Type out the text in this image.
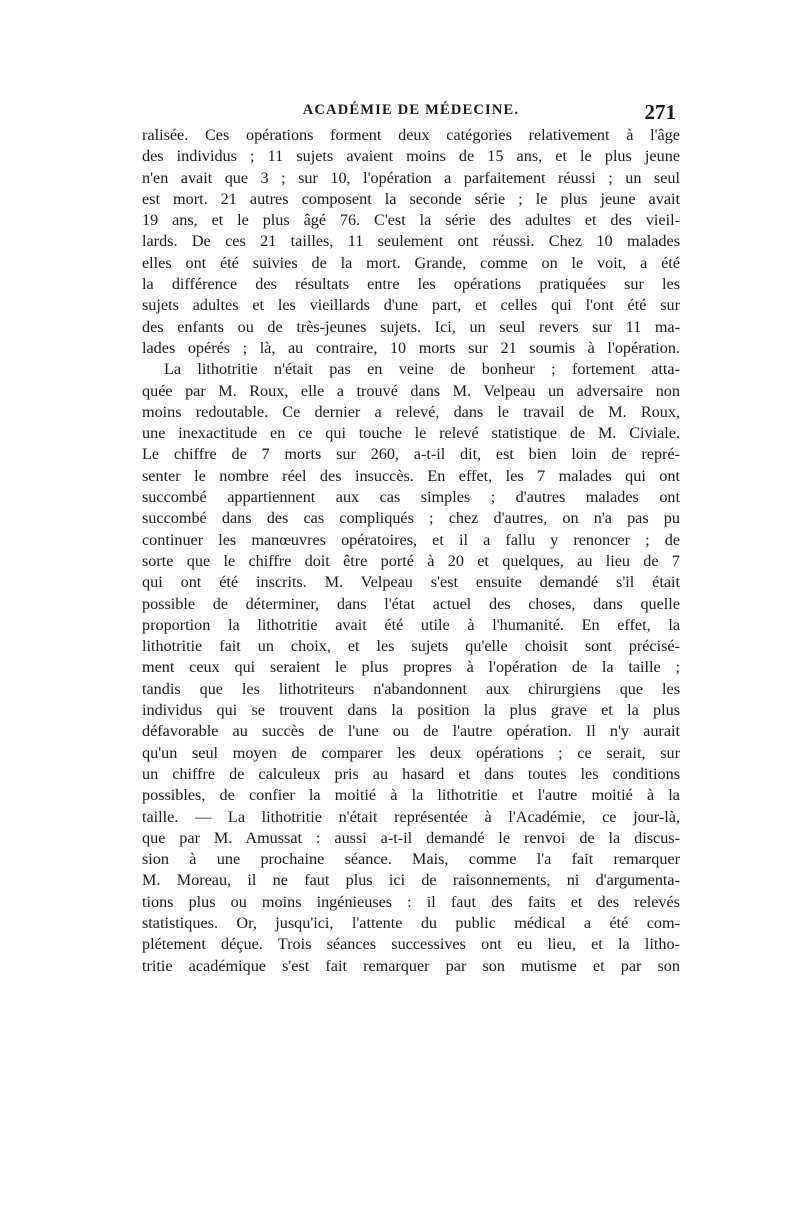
ACADÉMIE DE MÉDECINE.	271
ralisée. Ces opérations forment deux catégories relativement à l'âge
des individus ; 11 sujets avaient moins de 15 ans, et le plus jeune
n'en avait que 3 ; sur 10, l'opération a parfaitement réussi ; un seul
est mort. 21 autres composent la seconde série ; le plus jeune avait
19 ans, et le plus âgé 76. C'est la série des adultes et des vieil-
lards. De ces 21 tailles, 11 seulement ont réussi. Chez 10 malades
elles ont été suivies de la mort. Grande, comme on le voit, a été
la différence des résultats entre les opérations pratiquées sur les
sujets adultes et les vieillards d'une part, et celles qui l'ont été sur
des enfants ou de très-jeunes sujets. Ici, un seul revers sur 11 ma-
lades opérés ; là, au contraire, 10 morts sur 21 soumis à l'opération.
La lithotritie n'était pas en veine de bonheur ; fortement atta-
quée par M. Roux, elle a trouvé dans M. Velpeau un adversaire non
moins redoutable. Ce dernier a relevé, dans le travail de M. Roux,
une inexactitude en ce qui touche le relevé statistique de M. Civiale.
Le chiffre de 7 morts sur 260, a-t-il dit, est bien loin de repré-
senter le nombre réel des insuccès. En effet, les 7 malades qui ont
succombé appartiennent aux cas simples ; d'autres malades ont
succombé dans des cas compliqués ; chez d'autres, on n'a pas pu
continuer les manœuvres opératoires, et il a fallu y renoncer ; de
sorte que le chiffre doit être porté à 20 et quelques, au lieu de 7
qui ont été inscrits. M. Velpeau s'est ensuite demandé s'il était
possible de déterminer, dans l'état actuel des choses, dans quelle
proportion la lithotritie avait été utile à l'humanité. En effet, la
lithotritie fait un choix, et les sujets qu'elle choisit sont précisé-
ment ceux qui seraient le plus propres à l'opération de la taille ;
tandis que les lithotriteurs n'abandonnent aux chirurgiens que les
individus qui se trouvent dans la position la plus grave et la plus
défavorable au succès de l'une ou de l'autre opération. Il n'y aurait
qu'un seul moyen de comparer les deux opérations ; ce serait, sur
un chiffre de calculeux pris au hasard et dans toutes les conditions
possibles, de confier la moitié à la lithotritie et l'autre moitié à la
taille. — La lithotritie n'était représentée à l'Académie, ce jour-là,
que par M. Amussat : aussi a-t-il demandé le renvoi de la discus-
sion à une prochaine séance. Mais, comme l'a fait remarquer
M. Moreau, il ne faut plus ici de raisonnements, ni d'argumenta-
tions plus ou moins ingénieuses : il faut des faits et des relevés
statistiques. Or, jusqu'ici, l'attente du public médical a été com-
plétement déçue. Trois séances successives ont eu lieu, et la litho-
tritie académique s'est fait remarquer par son mutisme et par son
